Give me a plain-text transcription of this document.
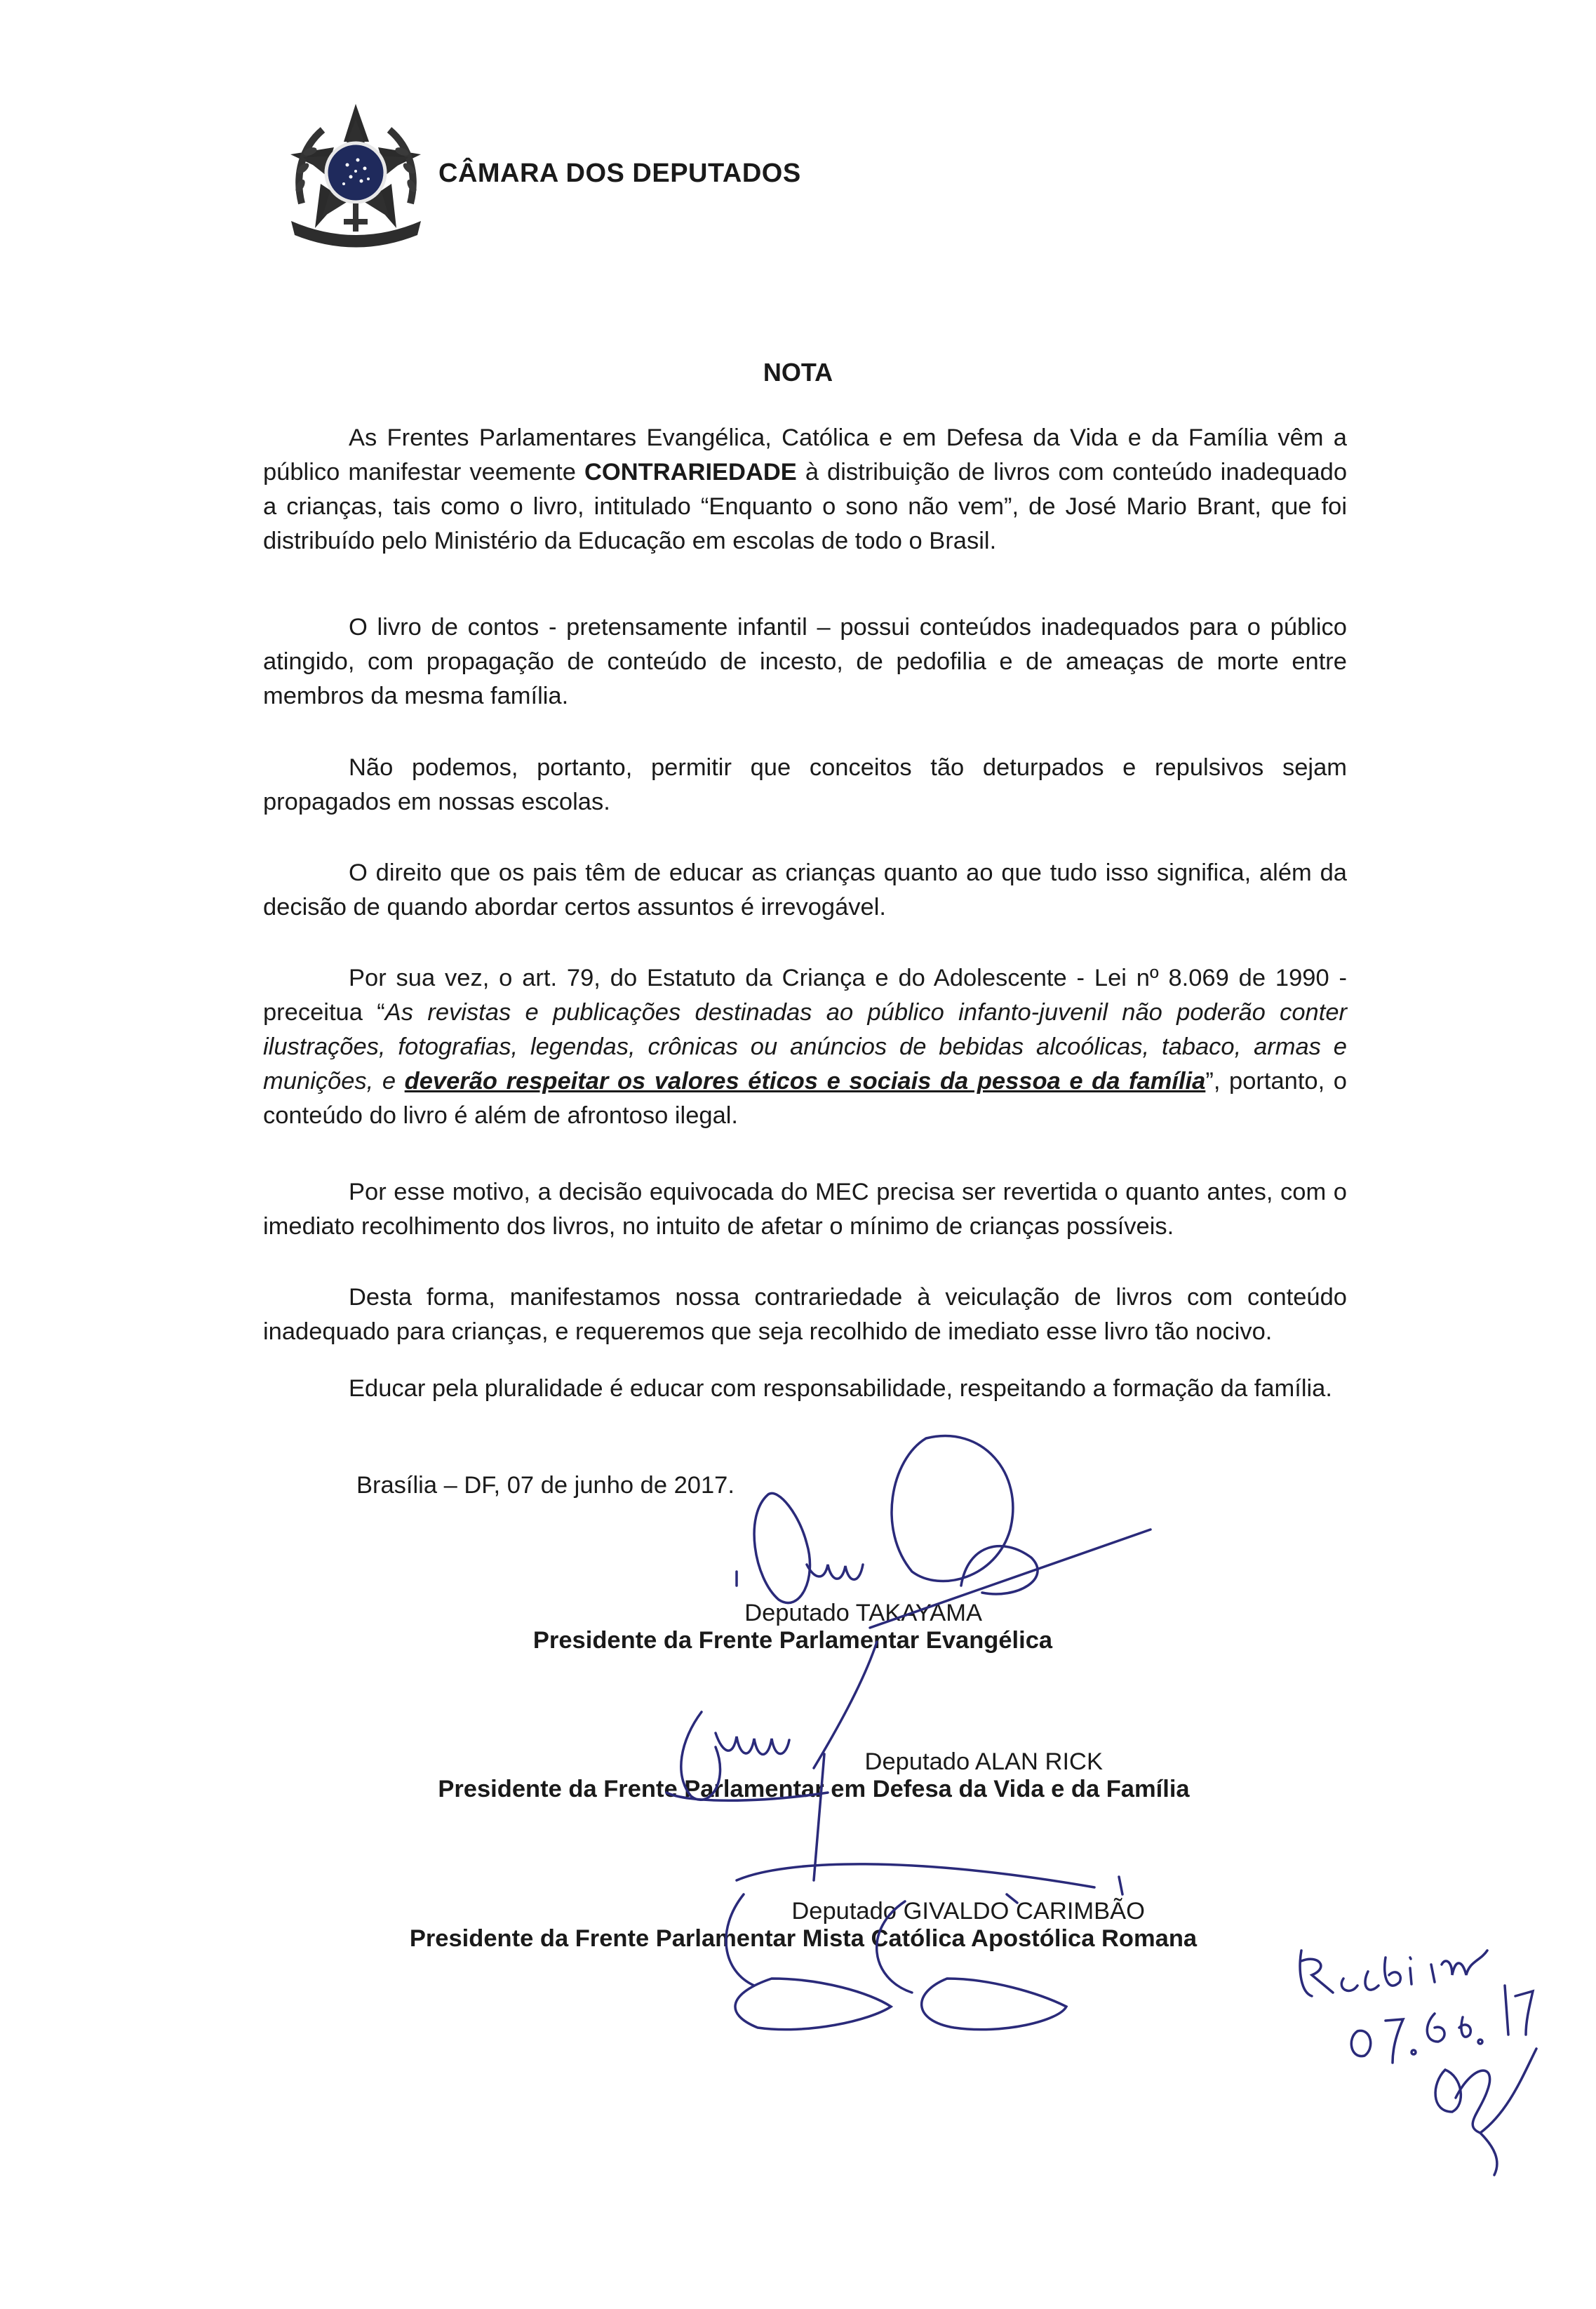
CÂMARA DOS DEPUTADOS
NOTA

As Frentes Parlamentares Evangélica, Católica e em Defesa da Vida e da Família vêm a público manifestar veemente CONTRARIEDADE à distribuição de livros com conteúdo inadequado a crianças, tais como o livro, intitulado “Enquanto o sono não vem”, de José Mario Brant, que foi distribuído pelo Ministério da Educação em escolas de todo o Brasil.

O livro de contos - pretensamente infantil – possui conteúdos inadequados para o público atingido, com propagação de conteúdo de incesto, de pedofilia e de ameaças de morte entre membros da mesma família.

Não podemos, portanto, permitir que conceitos tão deturpados e repulsivos sejam propagados em nossas escolas.

O direito que os pais têm de educar as crianças quanto ao que tudo isso significa, além da decisão de quando abordar certos assuntos é irrevogável.

Por sua vez, o art. 79, do Estatuto da Criança e do Adolescente - Lei nº 8.069 de 1990 - preceitua “As revistas e publicações destinadas ao público infanto-juvenil não poderão conter ilustrações, fotografias, legendas, crônicas ou anúncios de bebidas alcoólicas, tabaco, armas e munições, e deverão respeitar os valores éticos e sociais da pessoa e da família”, portanto, o conteúdo do livro é além de afrontoso ilegal.

Por esse motivo, a decisão equivocada do MEC precisa ser revertida o quanto antes, com o imediato recolhimento dos livros, no intuito de afetar o mínimo de crianças possíveis.

Desta forma, manifestamos nossa contrariedade à veiculação de livros com conteúdo inadequado para crianças, e requeremos que seja recolhido de imediato esse livro tão nocivo.

Educar pela pluralidade é educar com responsabilidade, respeitando a formação da família.

Brasília – DF, 07 de junho de 2017.
Deputado TAKAYAMA
Presidente da Frente Parlamentar Evangélica
Deputado ALAN RICK
Presidente da Frente Parlamentar em Defesa da Vida e da Família
Deputado GIVALDO CARIMBÃO
Presidente da Frente Parlamentar Mista Católica Apostólica Romana
